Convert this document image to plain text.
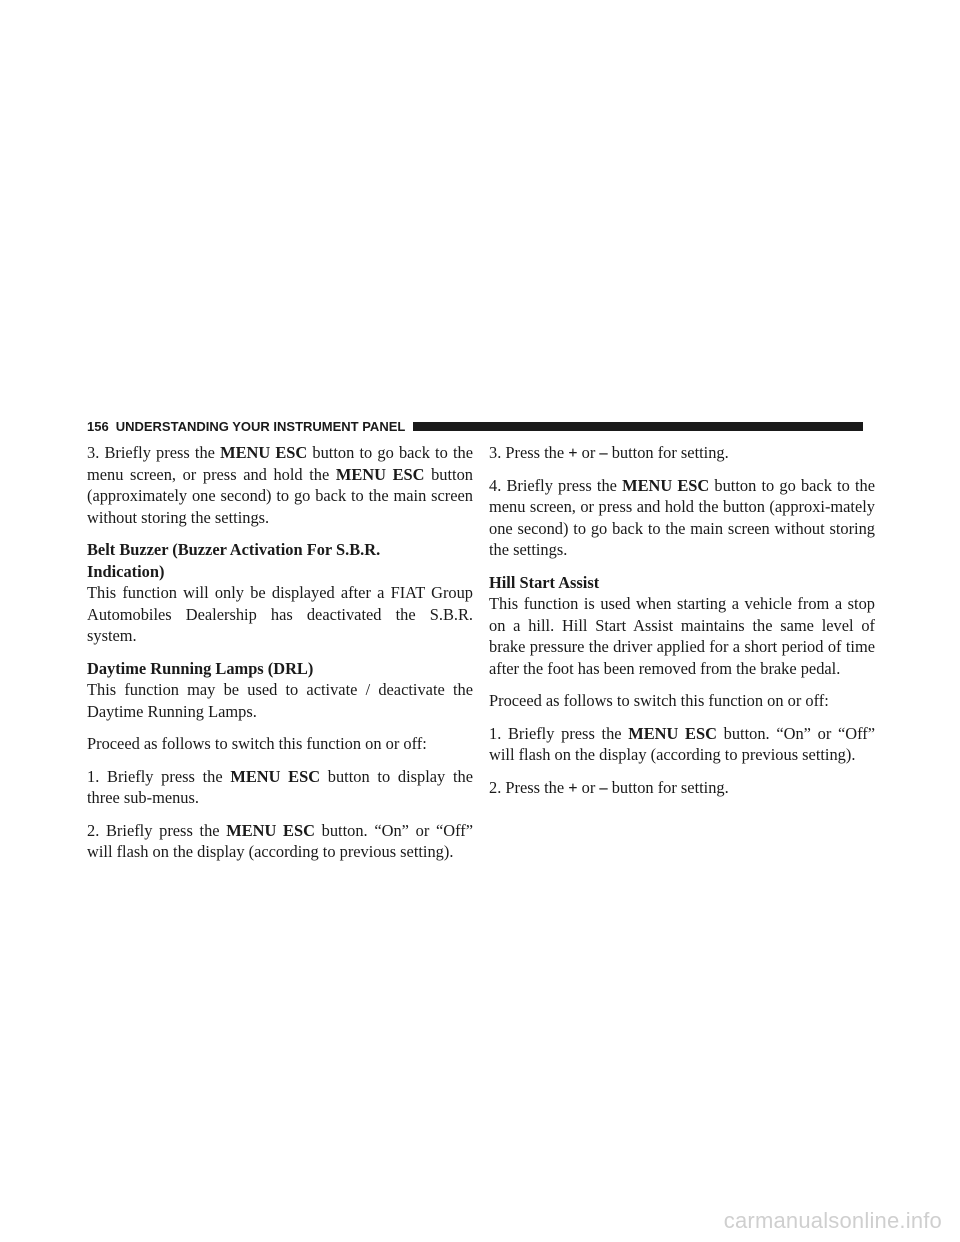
156 UNDERSTANDING YOUR INSTRUMENT PANEL

3. Briefly press the MENU ESC button to go back to the menu screen, or press and hold the MENU ESC button (approximately one second) to go back to the main screen without storing the settings.

Belt Buzzer (Buzzer Activation For S.B.R.
Indication)

This function will only be displayed after a FIAT Group Automobiles Dealership has deactivated the S.B.R. system.

Daytime Running Lamps (DRL)

This function may be used to activate / deactivate the Daytime Running Lamps.

Proceed as follows to switch this function on or off:

1. Briefly press the MENU ESC button to display the three sub-menus.

2. Briefly press the MENU ESC button. “On” or “Off” will flash on the display (according to previous setting).

3. Press the + or – button for setting.

4. Briefly press the MENU ESC button to go back to the menu screen, or press and hold the button (approxi-mately one second) to go back to the main screen without storing the settings.

Hill Start Assist

This function is used when starting a vehicle from a stop on a hill. Hill Start Assist maintains the same level of brake pressure the driver applied for a short period of time after the foot has been removed from the brake pedal.

Proceed as follows to switch this function on or off:

1. Briefly press the MENU ESC button. “On” or “Off” will flash on the display (according to previous setting).

2. Press the + or – button for setting.

carmanualsonline.info
